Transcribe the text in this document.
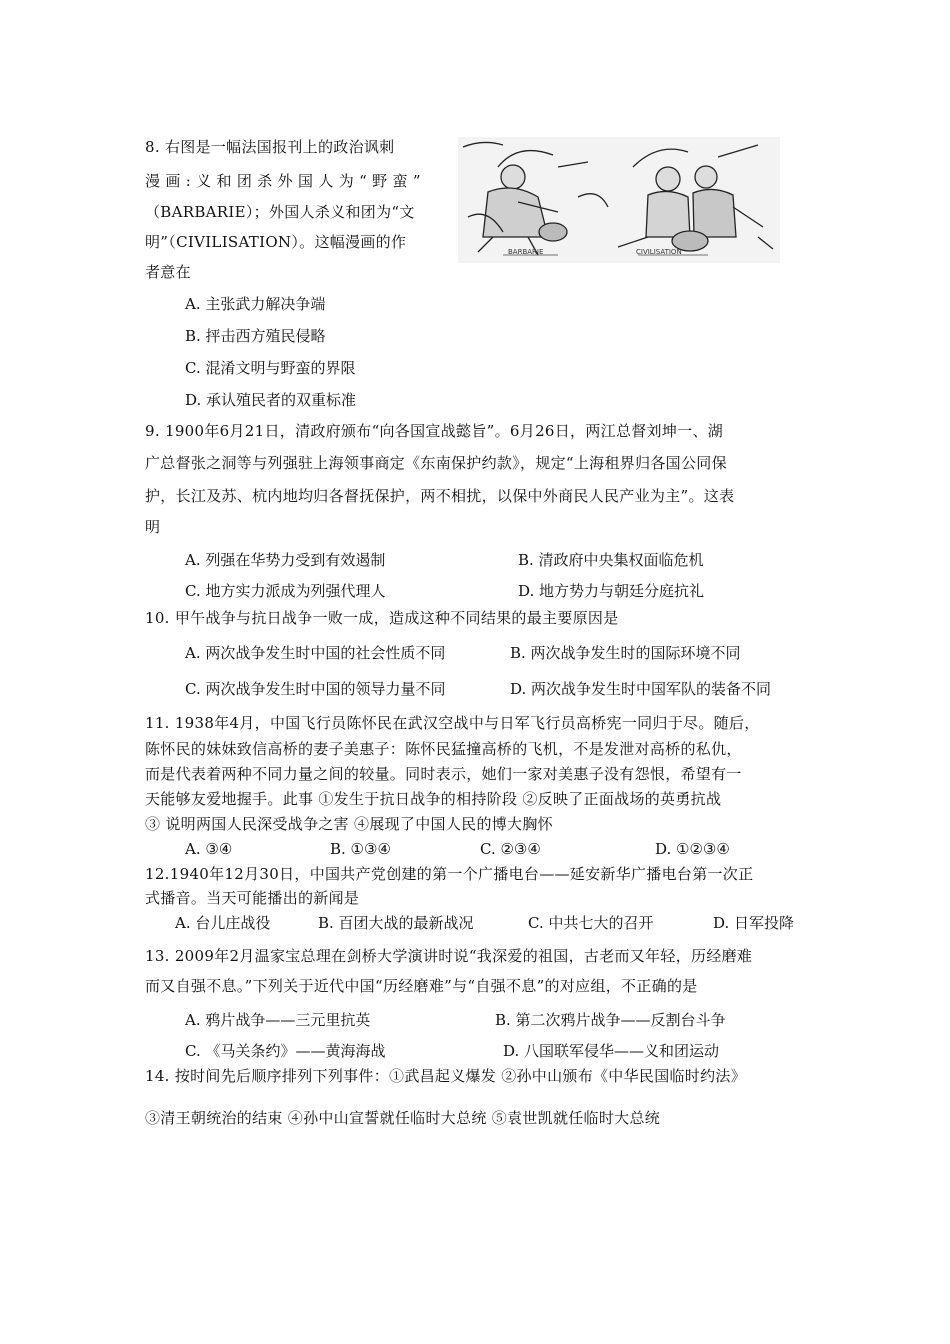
8. 右图是一幅法国报刊上的政治讽刺
漫 画 : 义 和 团 杀 外 国 人 为 “ 野 蛮 ”
（BARBARIE）；外国人杀义和团为“文
明”（CIVILISATION）。这幅漫画的作
者意在
BARBARIE	CIVILISATION
A. 主张武力解决争端
B. 抨击西方殖民侵略
C. 混淆文明与野蛮的界限
D. 承认殖民者的双重标准
9. 1900年6月21日，清政府颁布“向各国宣战懿旨”。6月26日，两江总督刘坤一、湖
广总督张之洞等与列强驻上海领事商定《东南保护约款》，规定“上海租界归各国公同保
护，长江及苏、杭内地均归各督抚保护，两不相扰，以保中外商民人民产业为主”。这表
明
A. 列强在华势力受到有效遏制	B. 清政府中央集权面临危机
C. 地方实力派成为列强代理人	D. 地方势力与朝廷分庭抗礼
10. 甲午战争与抗日战争一败一成，造成这种不同结果的最主要原因是
A. 两次战争发生时中国的社会性质不同	B. 两次战争发生时的国际环境不同
C. 两次战争发生时中国的领导力量不同	D. 两次战争发生时中国军队的装备不同
11. 1938年4月，中国飞行员陈怀民在武汉空战中与日军飞行员高桥宪一同归于尽。随后，
陈怀民的妹妹致信高桥的妻子美惠子：陈怀民猛撞高桥的飞机，不是发泄对高桥的私仇，
而是代表着两种不同力量之间的较量。同时表示，她们一家对美惠子没有怨恨，希望有一
天能够友爱地握手。此事 ①发生于抗日战争的相持阶段 ②反映了正面战场的英勇抗战
③ 说明两国人民深受战争之害 ④展现了中国人民的博大胸怀
A. ③④	B. ①③④	C. ②③④	D. ①②③④
12.1940年12月30日，中国共产党创建的第一个广播电台——延安新华广播电台第一次正
式播音。当天可能播出的新闻是
A. 台儿庄战役	B. 百团大战的最新战况	C. 中共七大的召开	D. 日军投降
13. 2009年2月温家宝总理在剑桥大学演讲时说“我深爱的祖国，古老而又年轻，历经磨难
而又自强不息。”下列关于近代中国“历经磨难”与“自强不息”的对应组，不正确的是
A. 鸦片战争——三元里抗英	B. 第二次鸦片战争——反割台斗争
C. 《马关条约》——黄海海战	D. 八国联军侵华——义和团运动
14. 按时间先后顺序排列下列事件：①武昌起义爆发 ②孙中山颁布《中华民国临时约法》
③清王朝统治的结束 ④孙中山宣誓就任临时大总统 ⑤袁世凯就任临时大总统
